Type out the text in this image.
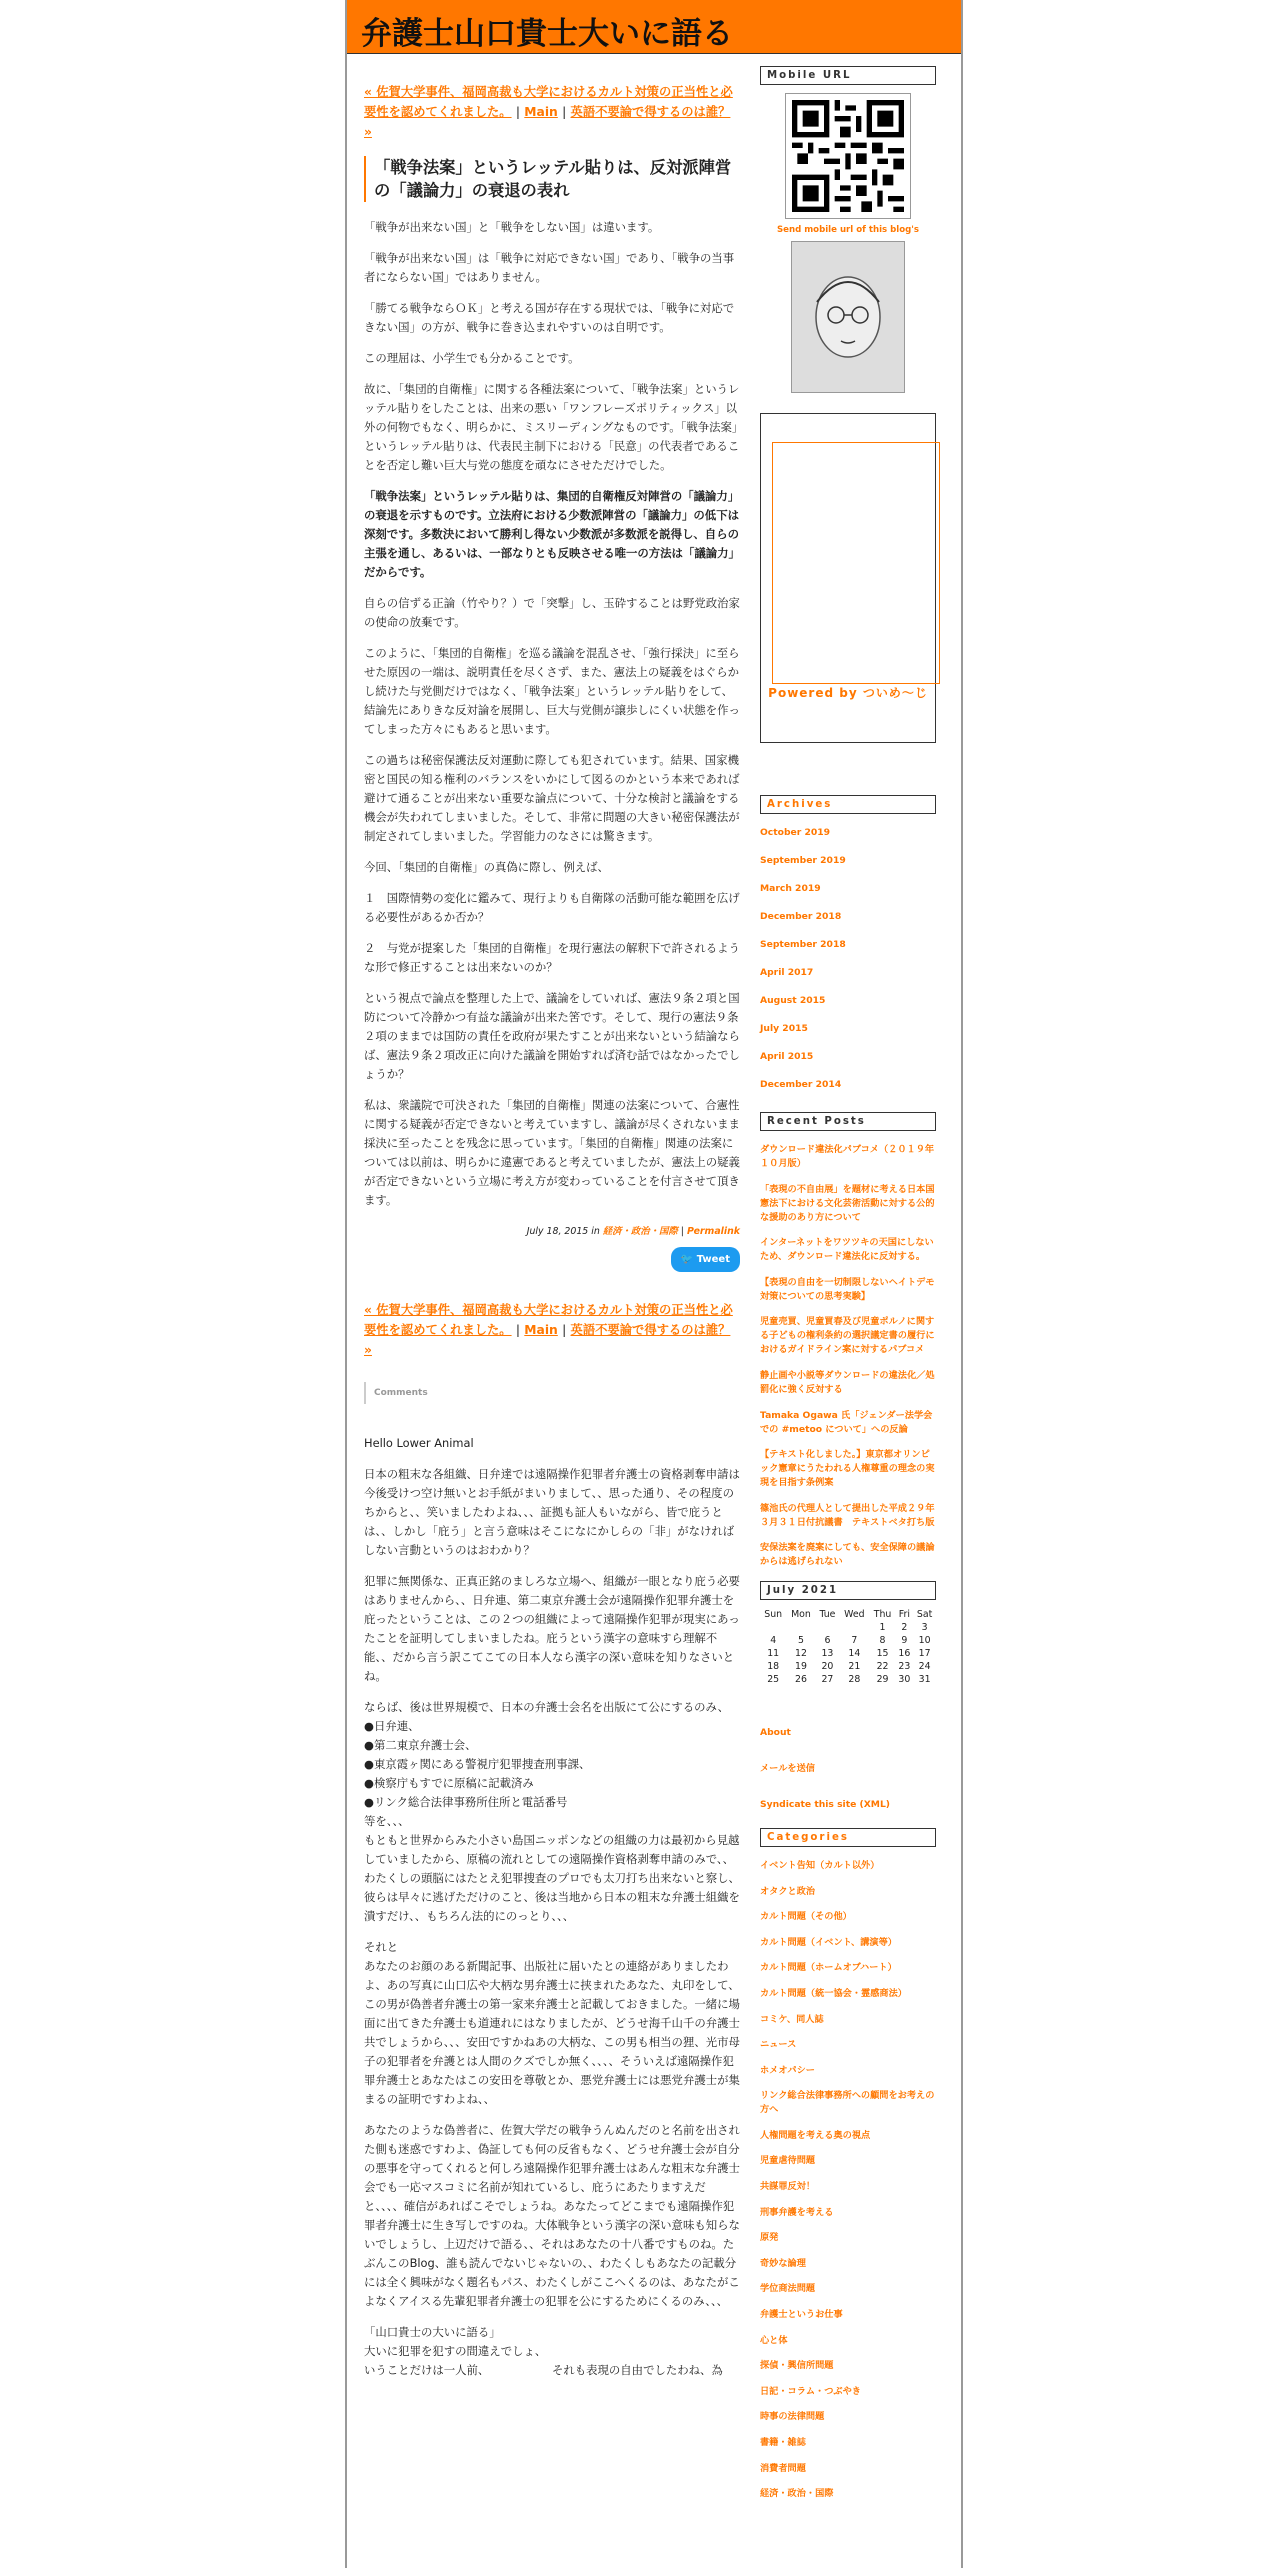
弁護士山口貴士大いに語る
« 佐賀大学事件、福岡高裁も大学におけるカルト対策の正当性と必要性を認めてくれました。 | Main | 英語不要論で得するのは誰？ »
「戦争法案」というレッテル貼りは、反対派陣営の「議論力」の衰退の表れ

「戦争が出来ない国」と「戦争をしない国」は違います。

「戦争が出来ない国」は「戦争に対応できない国」であり、「戦争の当事者にならない国」ではありません。

「勝てる戦争ならＯＫ」と考える国が存在する現状では、「戦争に対応できない国」の方が、戦争に巻き込まれやすいのは自明です。

この理屈は、小学生でも分かることです。

故に、「集団的自衛権」に関する各種法案について、「戦争法案」というレッテル貼りをしたことは、出来の悪い「ワンフレーズポリティックス」以外の何物でもなく、明らかに、ミスリーディングなものです。「戦争法案」というレッテル貼りは、代表民主制下における「民意」の代表者であることを否定し難い巨大与党の態度を頑なにさせただけでした。

「戦争法案」というレッテル貼りは、集団的自衛権反対陣営の「議論力」の衰退を示すものです。立法府における少数派陣営の「議論力」の低下は深刻です。多数決において勝利し得ない少数派が多数派を説得し、自らの主張を通し、あるいは、一部なりとも反映させる唯一の方法は「議論力」だからです。

自らの信ずる正論（竹やり？）で「突撃」し、玉砕することは野党政治家の使命の放棄です。

このように、「集団的自衛権」を巡る議論を混乱させ、「強行採決」に至らせた原因の一端は、説明責任を尽くさず、また、憲法上の疑義をはぐらかし続けた与党側だけではなく、「戦争法案」というレッテル貼りをして、結論先にありきな反対論を展開し、巨大与党側が譲歩しにくい状態を作ってしまった方々にもあると思います。

この過ちは秘密保護法反対運動に際しても犯されています。結果、国家機密と国民の知る権利のバランスをいかにして図るのかという本来であれば避けて通ることが出来ない重要な論点について、十分な検討と議論をする機会が失われてしまいました。そして、非常に問題の大きい秘密保護法が制定されてしまいました。学習能力のなさには驚きます。

今回、「集団的自衛権」の真偽に際し、例えば、

１　国際情勢の変化に鑑みて、現行よりも自衛隊の活動可能な範囲を広げる必要性があるか否か？

２　与党が提案した「集団的自衛権」を現行憲法の解釈下で許されるような形で修正することは出来ないのか？

という視点で論点を整理した上で、議論をしていれば、憲法９条２項と国防について冷静かつ有益な議論が出来た筈です。そして、現行の憲法９条２項のままでは国防の責任を政府が果たすことが出来ないという結論ならば、憲法９条２項改正に向けた議論を開始すれば済む話ではなかったでしょうか？

私は、衆議院で可決された「集団的自衛権」関連の法案について、合憲性に関する疑義が否定できないと考えていますし、議論が尽くされないまま採決に至ったことを残念に思っています。「集団的自衛権」関連の法案については以前は、明らかに違憲であると考えていましたが、憲法上の疑義が否定できないという立場に考え方が変わっていることを付言させて頂きます。

July 18, 2015 in 経済・政治・国際 | Permalink
🐦 Tweet
« 佐賀大学事件、福岡高裁も大学におけるカルト対策の正当性と必要性を認めてくれました。 | Main | 英語不要論で得するのは誰？ »
Comments

Hello Lower Animal

日本の粗末な各組織、日弁達では遠隔操作犯罪者弁護士の資格剥奪申請は今後受けつ空け無いとお手紙がまいりまして、、思った通り、その程度のちからと、、笑いましたわよね、、、証拠も証人もいながら、皆で庇うとは、、しかし「庇う」と言う意味はそこになにかしらの「非」がなければしない言動というのはおわかり？

犯罪に無関係な、正真正銘のましろな立場へ、組織が一眼となり庇う必要はありませんから、、日弁連、第二東京弁護士会が遠隔操作犯罪弁護士を庇ったということは、この２つの組織によって遠隔操作犯罪が現実にあったことを証明してしまいましたね。庇うという漢字の意味すら理解不能、、だから言う訳こてこての日本人なら漢字の深い意味を知りなさいとね。

ならば、後は世界規模で、日本の弁護士会名を出版にて公にするのみ、
●日弁連、
●第二東京弁護士会、
●東京霞ヶ関にある警視庁犯罪捜査刑事課、
●検察庁もすでに原稿に記載済み
●リンク総合法律事務所住所と電話番号
等を、、、
もともと世界からみた小さい島国ニッポンなどの組織の力は最初から見越していましたから、原稿の流れとしての遠隔操作資格剥奪申請のみで、、わたくしの頭脳にはたとえ犯罪捜査のプロでも太刀打ち出来ないと察し、彼らは早々に逃げただけのこと、後は当地から日本の粗末な弁護士組織を潰すだけ、、もちろん法的にのっとり、、、

それと
あなたのお顔のある新聞記事、出版社に届いたとの連絡がありましたわよ、あの写真に山口広や大柄な男弁護士に挟まれたあなた、丸印をして、この男が偽善者弁護士の第一家来弁護士と記載しておきました。一緒に場面に出てきた弁護士も道連れにはなりましたが、どうせ海千山千の弁護士共でしょうから、、、安田ですかねあの大柄な、この男も相当の狸、光市母子の犯罪者を弁護とは人間のクズでしか無く、、、、そういえば遠隔操作犯罪弁護士とあなたはこの安田を尊敬とか、悪党弁護士には悪党弁護士が集まるの証明ですわよね、、

あなたのような偽善者に、佐賀大学だの戦争うんぬんだのと名前を出された側も迷惑ですわよ、偽証しても何の反省もなく、どうせ弁護士会が自分の悪事を守ってくれると何しろ遠隔操作犯罪弁護士はあんな粗末な弁護士会でも一応マスコミに名前が知れているし、庇うにあたりますえだと、、、、確信があればこそでしょうね。あなたってどこまでも遠隔操作犯罪者弁護士に生き写しですのね。大体戦争という漢字の深い意味も知らないでしょうし、上辺だけで語る、、それはあなたの十八番ですものね。たぶんこのBlog、誰も読んでないじゃないの、、わたくしもあなたの記載分には全く興味がなく題名もパス、わたくしがここへくるのは、あなたがこよなくアイスる先輩犯罪者弁護士の犯罪を公にするためにくるのみ、、、

「山口貴士の大いに語る」
大いに犯罪を犯すの間違えでしょ、
いうことだけは一人前、　　　　　　それも表現の自由でしたわね、為

Mobile URL
Send mobile url of this blog's
Powered by ついめ～じ
Archives
October 2019
September 2019
March 2019
December 2018
September 2018
April 2017
August 2015
July 2015
April 2015
December 2014
Recent Posts
ダウンロード違法化パブコメ（２０１９年１０月版）
「表現の不自由展」を題材に考える日本国憲法下における文化芸術活動に対する公的な援助のあり方について
インターネットをワツツキの天国にしないため、ダウンロード違法化に反対する。
【表現の自由を一切制限しないヘイトデモ対策についての思考実験】
児童売買、児童買春及び児童ポルノに関する子どもの権利条約の選択議定書の履行におけるガイドライン案に対するパブコメ
静止画や小説等ダウンロードの違法化／処罰化に強く反対する
Tamaka Ogawa 氏「ジェンダー法学会での #metoo について」への反論
【テキスト化しました。】東京都オリンピック憲章にうたわれる人権尊重の理念の実現を目指す条例案
篠池氏の代理人として提出した平成２９年３月３１日付抗議書　テキストベタ打ち版
安保法案を廃案にしても、安全保障の議論からは逃げられない
July 2021
Sun	Mon	Tue	Wed	Thu	Fri	Sat
				1	2	3
4	5	6	7	8	9	10
11	12	13	14	15	16	17
18	19	20	21	22	23	24
25	26	27	28	29	30	31
About
メールを送信
Syndicate this site (XML)
Categories
イベント告知（カルト以外）
オタクと政治
カルト問題（その他）
カルト問題（イベント、講演等）
カルト問題（ホームオブハート）
カルト問題（統一協会・霊感商法）
コミケ、同人誌
ニュース
ホメオパシー
リンク総合法律事務所への顧問をお考えの方へ
人権問題を考える奥の視点
児童虐待問題
共謀罪反対！
刑事弁護を考える
原発
奇妙な論理
学位商法問題
弁護士というお仕事
心と体
探偵・興信所問題
日記・コラム・つぶやき
時事の法律問題
書籍・雑誌
消費者問題
経済・政治・国際
